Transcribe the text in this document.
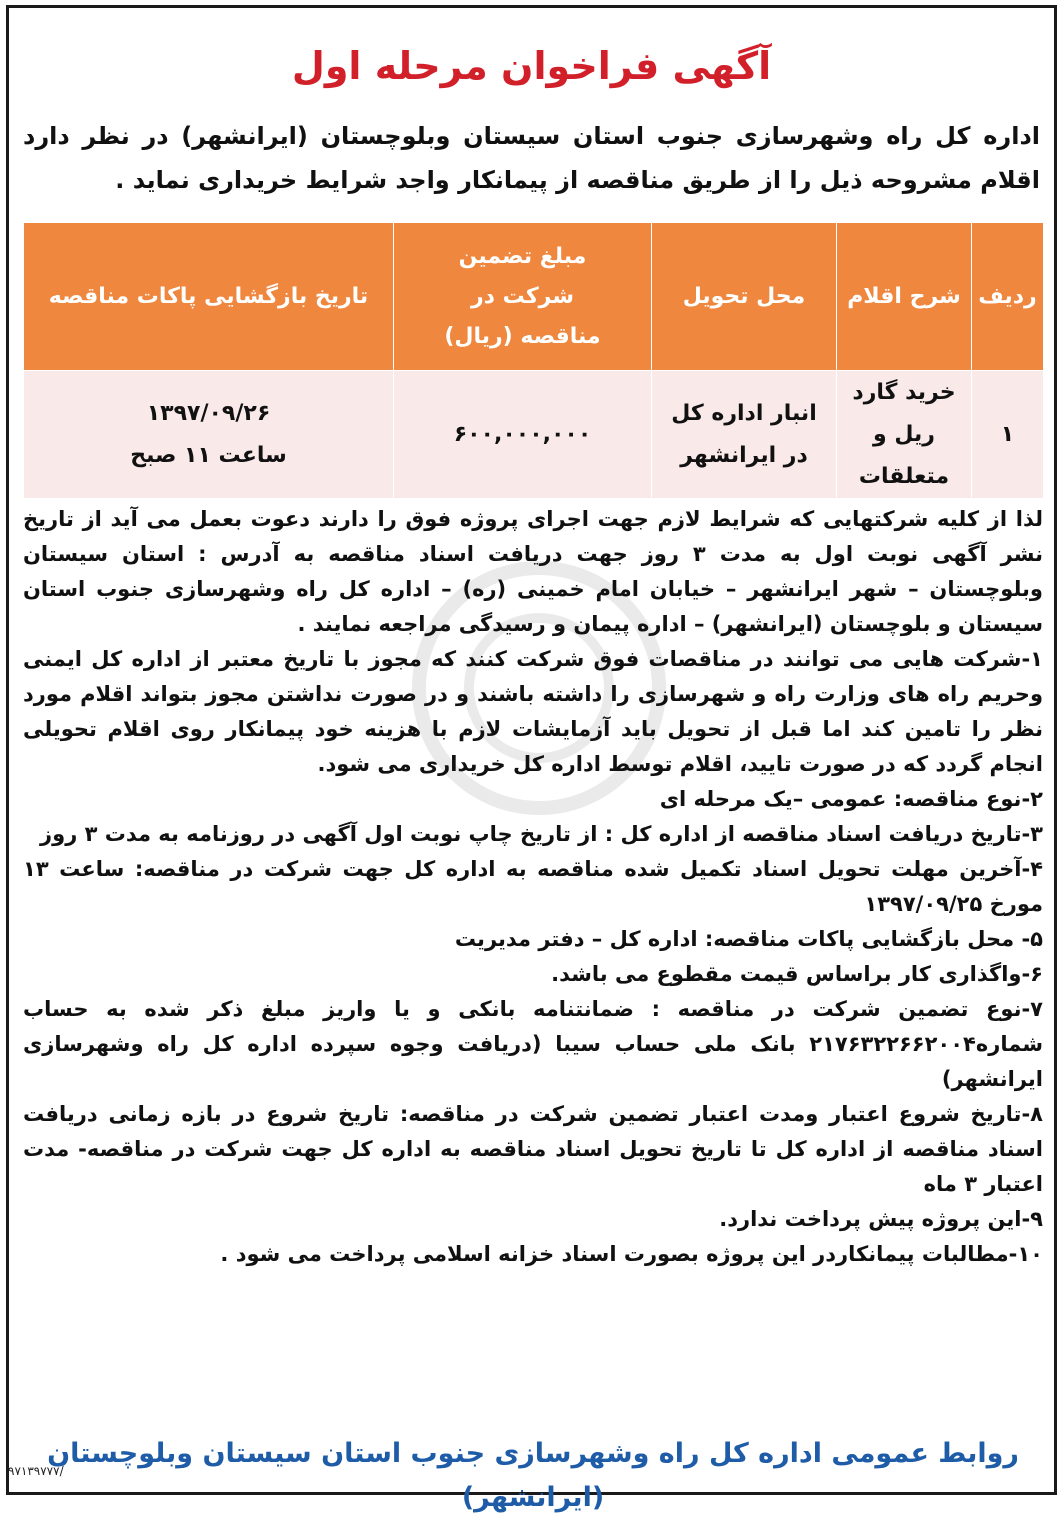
آگهی فراخوان مرحله اول

اداره کل راه وشهرسازی جنوب استان سیستان وبلوچستان (ایرانشهر) در نظر دارد اقلام مشروحه ذیل را از طریق مناقصه از پیمانکار واجد شرایط خریداری نماید .

ردیف	شرح اقلام	محل تحویل	مبلغ تضمین شرکت در مناقصه (ریال)	تاریخ بازگشایی پاکات مناقصه
۱	خرید گارد ریل و متعلقات	انبار اداره کل در ایرانشهر	۶۰۰,۰۰۰,۰۰۰	۱۳۹۷/۰۹/۲۶
ساعت ۱۱ صبح

لذا از کلیه شرکتهایی که شرایط لازم جهت اجرای پروژه فوق را دارند دعوت بعمل می آید از تاریخ نشر آگهی نوبت اول به مدت ۳ روز جهت دریافت اسناد مناقصه به آدرس : استان سیستان وبلوچستان – شهر ایرانشهر – خیابان امام خمینی (ره) – اداره کل راه وشهرسازی جنوب استان سیستان و بلوچستان (ایرانشهر) – اداره پیمان و رسیدگی مراجعه نمایند .

۱-شرکت هایی می توانند در مناقصات فوق شرکت کنند که مجوز با تاریخ معتبر از اداره کل ایمنی وحریم راه های وزارت راه و شهرسازی را داشته باشند و در صورت نداشتن مجوز بتواند اقلام مورد نظر را تامین کند اما قبل از تحویل باید آزمایشات لازم با هزینه خود پیمانکار روی اقلام تحویلی انجام گردد که در صورت تایید، اقلام توسط اداره کل خریداری می شود.

۲-نوع مناقصه: عمومی –یک مرحله ای

۳-تاریخ دریافت اسناد مناقصه از اداره کل : از تاریخ چاپ نوبت اول آگهی در روزنامه به مدت ۳ روز

۴-آخرین مهلت تحویل اسناد تکمیل شده مناقصه به اداره کل جهت شرکت در مناقصه: ساعت ۱۳ مورخ ۱۳۹۷/۰۹/۲۵

۵- محل بازگشایی پاکات مناقصه: اداره کل – دفتر مدیریت

۶-واگذاری کار براساس قیمت مقطوع می باشد.

۷-نوع تضمین شرکت در مناقصه : ضمانتنامه بانکی و یا واریز مبلغ ذکر شده به حساب شماره۲۱۷۶۳۲۲۶۶۲۰۰۴ بانک ملی حساب سیبا (دریافت وجوه سپرده اداره کل راه وشهرسازی ایرانشهر)

۸-تاریخ شروع اعتبار ومدت اعتبار تضمین شرکت در مناقصه: تاریخ شروع در بازه زمانی دریافت اسناد مناقصه از اداره کل تا تاریخ تحویل اسناد مناقصه به اداره کل جهت شرکت در مناقصه- مدت اعتبار ۳ ماه

۹-این پروژه پیش پرداخت ندارد.

۱۰-مطالبات پیمانکاردر این پروژه بصورت اسناد خزانه اسلامی پرداخت می شود .

روابط عمومی اداره کل راه وشهرسازی جنوب استان سیستان وبلوچستان (ایرانشهر)
۹۷۱۳۹۷۷۷/
